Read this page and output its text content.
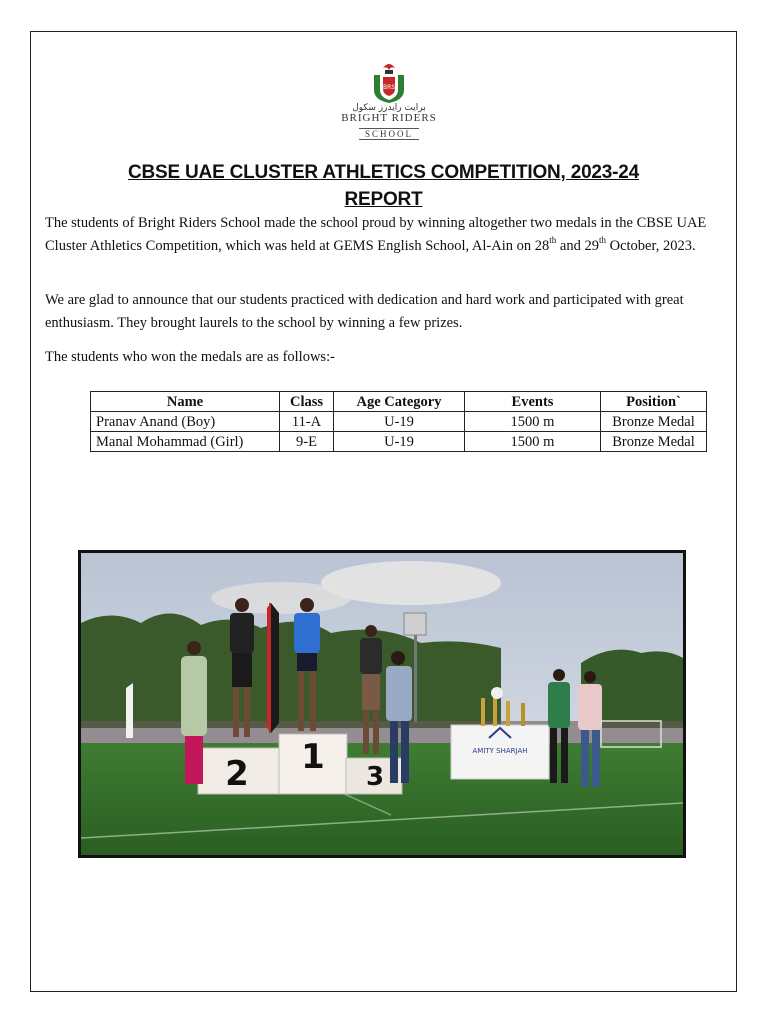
BRS
برايت رايدرز سكول
BRIGHT RIDERS
SCHOOL
CBSE UAE CLUSTER ATHLETICS COMPETITION, 2023-24
REPORT
The students of Bright Riders School made the school proud by winning altogether two medals in the CBSE UAE Cluster Athletics Competition, which was held at GEMS English School, Al-Ain on 28th and 29th October, 2023.
We are glad to announce that our students practiced with dedication and hard work and participated with great enthusiasm. They brought laurels to the school by winning a few prizes.
The students who won the medals are as follows:-
Name	Class	Age Category	Events	Position`
Pranav Anand (Boy)	11-A	U-19	1500 m	Bronze Medal
Manal Mohammad (Girl)	9-E	U-19	1500 m	Bronze Medal
2 1 3
AMITY SHARJAH
